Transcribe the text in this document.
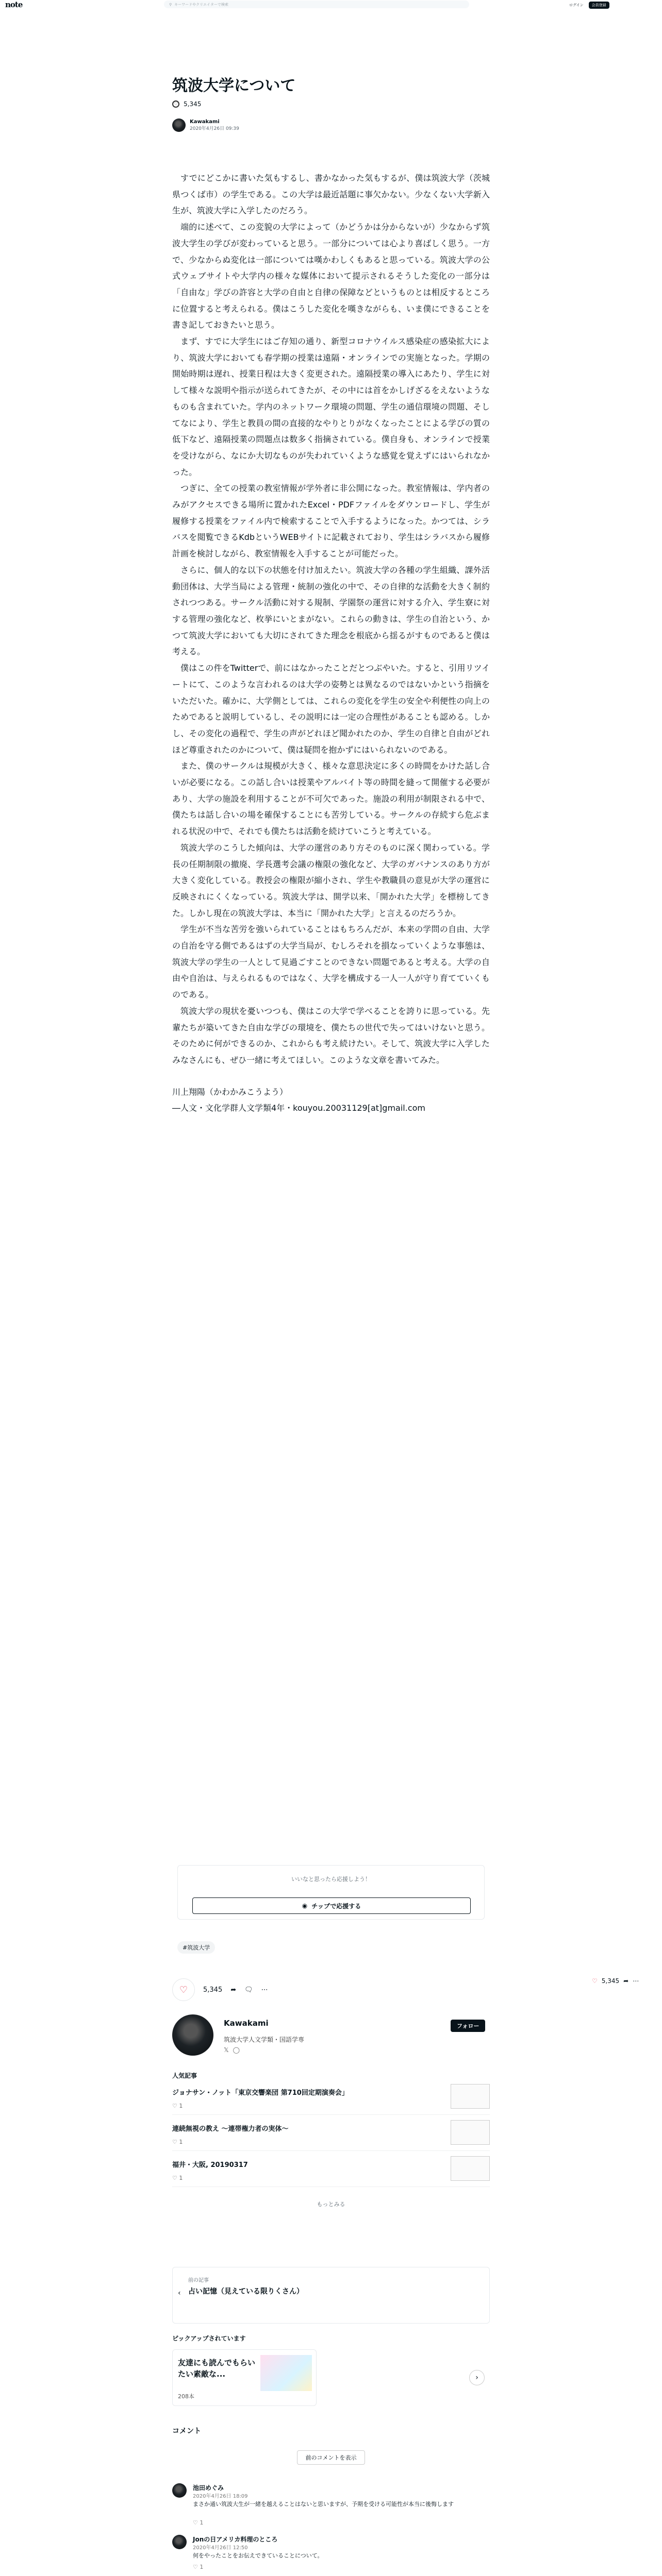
note	⚲ キーワードやクリエイターで検索	ログイン	会員登録
筑波大学について
♡ 5,345
Kawakami
2020年4月26日 09:39

すでにどこかに書いた気もするし、書かなかった気もするが、僕は筑波大学（茨城県つくば市）の学生である。この大学は最近話題に事欠かない。少なくない大学新入生が、筑波大学に入学したのだろう。

端的に述べて、この変貌の大学によって（かどうかは分からないが）少なからず筑波大学生の学びが変わっていると思う。一部分については心より喜ばしく思う。一方で、少なからぬ変化は一部については嘆かわしくもあると思っている。筑波大学の公式ウェブサイトや大学内の様々な媒体において提示されるそうした変化の一部分は「自由な」学びの許容と大学の自由と自律の保障などというものとは相反するところに位置すると考えられる。僕はこうした変化を嘆きながらも、いま僕にできることを書き記しておきたいと思う。

まず、すでに大学生にはご存知の通り、新型コロナウイルス感染症の感染拡大により、筑波大学においても春学期の授業は遠隔・オンラインでの実施となった。学期の開始時期は遅れ、授業日程は大きく変更された。遠隔授業の導入にあたり、学生に対して様々な説明や指示が送られてきたが、その中には首をかしげざるをえないようなものも含まれていた。学内のネットワーク環境の問題、学生の通信環境の問題、そしてなにより、学生と教員の間の直接的なやりとりがなくなったことによる学びの質の低下など、遠隔授業の問題点は数多く指摘されている。僕自身も、オンラインで授業を受けながら、なにか大切なものが失われていくような感覚を覚えずにはいられなかった。

つぎに、全ての授業の教室情報が学外者に非公開になった。教室情報は、学内者のみがアクセスできる場所に置かれたExcel・PDFファイルをダウンロードし、学生が履修する授業をファイル内で検索することで入手するようになった。かつては、シラバスを閲覧できるKdbというWEBサイトに記載されており、学生はシラバスから履修計画を検討しながら、教室情報を入手することが可能だった。

さらに、個人的な以下の状態を付け加えたい。筑波大学の各種の学生組織、課外活動団体は、大学当局による管理・統制の強化の中で、その自律的な活動を大きく制約されつつある。サークル活動に対する規制、学園祭の運営に対する介入、学生寮に対する管理の強化など、枚挙にいとまがない。これらの動きは、学生の自治という、かつて筑波大学においても大切にされてきた理念を根底から揺るがすものであると僕は考える。

僕はこの件をTwitterで、前にはなかったことだとつぶやいた。すると、引用リツイートにて、このような言われるのは大学の姿勢とは異なるのではないかという指摘をいただいた。確かに、大学側としては、これらの変化を学生の安全や利便性の向上のためであると説明しているし、その説明には一定の合理性があることも認める。しかし、その変化の過程で、学生の声がどれほど聞かれたのか、学生の自律と自由がどれほど尊重されたのかについて、僕は疑問を抱かずにはいられないのである。

また、僕のサークルは規模が大きく、様々な意思決定に多くの時間をかけた話し合いが必要になる。この話し合いは授業やアルバイト等の時間を縫って開催する必要があり、大学の施設を利用することが不可欠であった。施設の利用が制限される中で、僕たちは話し合いの場を確保することにも苦労している。サークルの存続すら危ぶまれる状況の中で、それでも僕たちは活動を続けていこうと考えている。

筑波大学のこうした傾向は、大学の運営のあり方そのものに深く関わっている。学長の任期制限の撤廃、学長選考会議の権限の強化など、大学のガバナンスのあり方が大きく変化している。教授会の権限が縮小され、学生や教職員の意見が大学の運営に反映されにくくなっている。筑波大学は、開学以来、「開かれた大学」を標榜してきた。しかし現在の筑波大学は、本当に「開かれた大学」と言えるのだろうか。

学生が不当な苦労を強いられていることはもちろんだが、本来の学問の自由、大学の自治を守る側であるはずの大学当局が、むしろそれを損なっていくような事態は、筑波大学の学生の一人として見過ごすことのできない問題であると考える。大学の自由や自治は、与えられるものではなく、大学を構成する一人一人が守り育てていくものである。

筑波大学の現状を憂いつつも、僕はこの大学で学べることを誇りに思っている。先輩たちが築いてきた自由な学びの環境を、僕たちの世代で失ってはいけないと思う。そのために何ができるのか、これからも考え続けたい。そして、筑波大学に入学したみなさんにも、ぜひ一緒に考えてほしい。このような文章を書いてみた。

川上翔陽（かわかみこうよう）

―人文・文化学群人文学類4年・kouyou.20031129[at]gmail.com

いいなと思ったら応援しよう！
◉ チップで応援する
#筑波大学
♡	5,345 ➦ 🗨 ⋯
Kawakami
筑波大学人文学類・国語学専
𝕏 ◯
フォロー
人気記事
ジョナサン・ノット「東京交響楽団 第710回定期演奏会」
♡ 1
連続無視の教え ～連帯権力者の実体～
♡ 1
福井・大阪, 20190317
♡ 1
もっとみる
‹
前の記事
占い記憶（見えている限りくさん）
ピックアップされています
友達にも読んでもらいたい素敵な...
208本
›
コメント
前のコメントを表示
池田めぐみ
2020年4月26日 18:09
まさか通い筑波大生が一緒を越えることはないと思いますが、予期を受ける可能性が本当に後悔します
♡ 1
Jonの日アメリカ料理のところ
2020年4月26日 12:50
何をやったことをお伝えできていることについて。
♡ 1
♡ 5,345 ➦ ⋯
